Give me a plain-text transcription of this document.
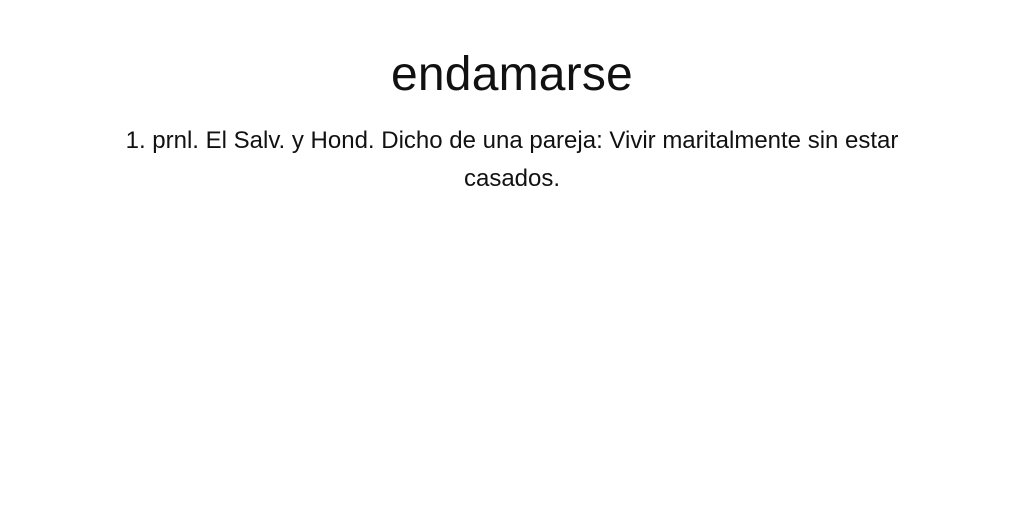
endamarse

1. prnl. El Salv. y Hond. Dicho de una pareja: Vivir maritalmente sin estar casados.
